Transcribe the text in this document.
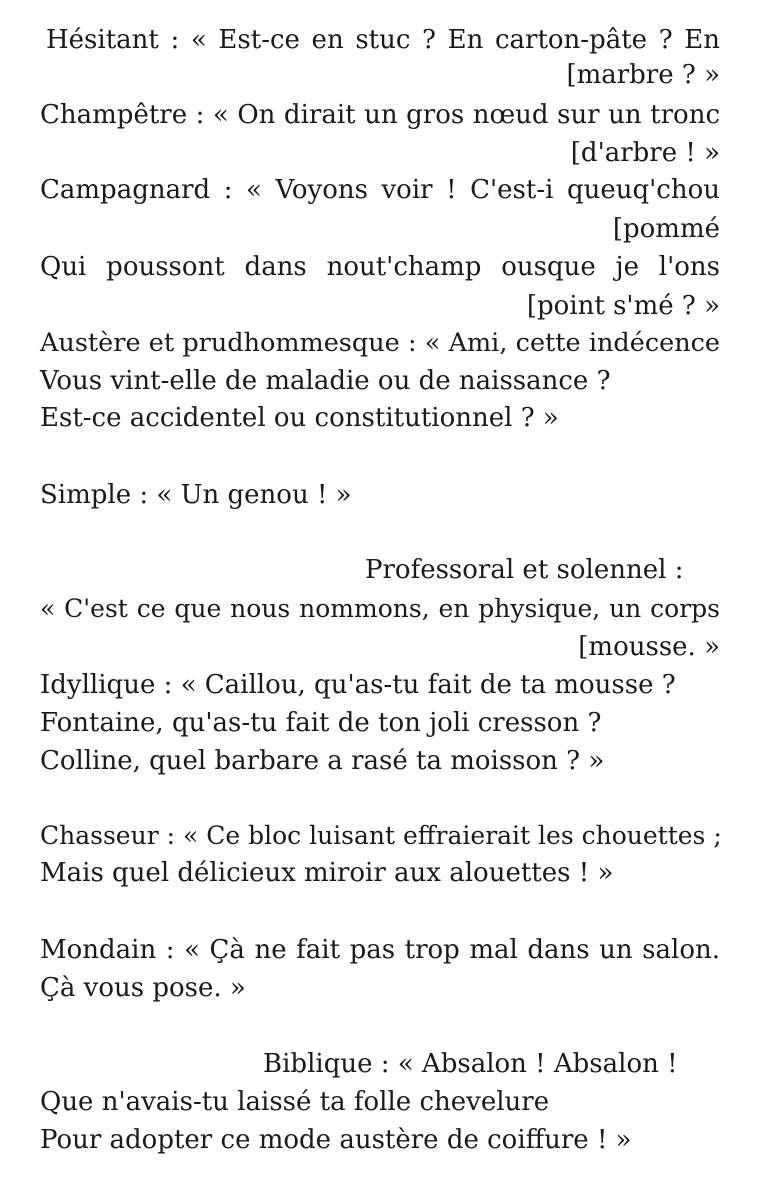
Hésitant : « Est-ce en stuc ? En carton-pâte ? En
[marbre ? »
Champêtre : « On dirait un gros nœud sur un tronc
[d'arbre ! »
Campagnard : « Voyons voir ! C'est-i queuq'chou
[pommé
Qui poussont dans nout'champ ousque je l'ons
[point s'mé ? »
Austère et prudhommesque : « Ami, cette indécence
Vous vint-elle de maladie ou de naissance ?
Est-ce accidentel ou constitutionnel ? »
Simple : « Un genou ! »
Professoral et solennel :
« C'est ce que nous nommons, en physique, un corps
[mousse. »
Idyllique : « Caillou, qu'as-tu fait de ta mousse ?
Fontaine, qu'as-tu fait de ton joli cresson ?
Colline, quel barbare a rasé ta moisson ? »
Chasseur : « Ce bloc luisant effraierait les chouettes ;
Mais quel délicieux miroir aux alouettes ! »
Mondain : « Çà ne fait pas trop mal dans un salon.
Çà vous pose. »
Biblique : « Absalon ! Absalon !
Que n'avais-tu laissé ta folle chevelure
Pour adopter ce mode austère de coiffure ! »
